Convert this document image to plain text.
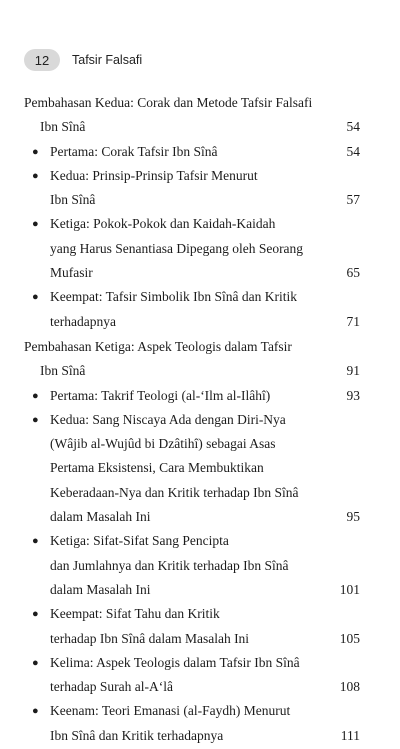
12	Tafsir Falsafi
Pembahasan Kedua: Corak dan Metode Tafsir Falsafi
Ibn Sînâ	54
● Pertama: Corak Tafsir Ibn Sînâ	54
● Kedua: Prinsip-Prinsip Tafsir Menurut
Ibn Sînâ	57
● Ketiga: Pokok-Pokok dan Kaidah-Kaidah
yang Harus Senantiasa Dipegang oleh Seorang
Mufasir	65
● Keempat: Tafsir Simbolik Ibn Sînâ dan Kritik
terhadapnya	71
Pembahasan Ketiga: Aspek Teologis dalam Tafsir
Ibn Sînâ	91
● Pertama: Takrif Teologi (al-‘Ilm al-Ilâhî)	93
● Kedua: Sang Niscaya Ada dengan Diri-Nya
(Wâjib al-Wujûd bi Dzâtihî) sebagai Asas
Pertama Eksistensi, Cara Membuktikan
Keberadaan-Nya dan Kritik terhadap Ibn Sînâ
dalam Masalah Ini	95
● Ketiga: Sifat-Sifat Sang Pencipta
dan Jumlahnya dan Kritik terhadap Ibn Sînâ
dalam Masalah Ini	101
● Keempat: Sifat Tahu dan Kritik
terhadap Ibn Sînâ dalam Masalah Ini	105
● Kelima: Aspek Teologis dalam Tafsir Ibn Sînâ
terhadap Surah al-A‘lâ	108
● Keenam: Teori Emanasi (al-Faydh) Menurut
Ibn Sînâ dan Kritik terhadapnya	111
